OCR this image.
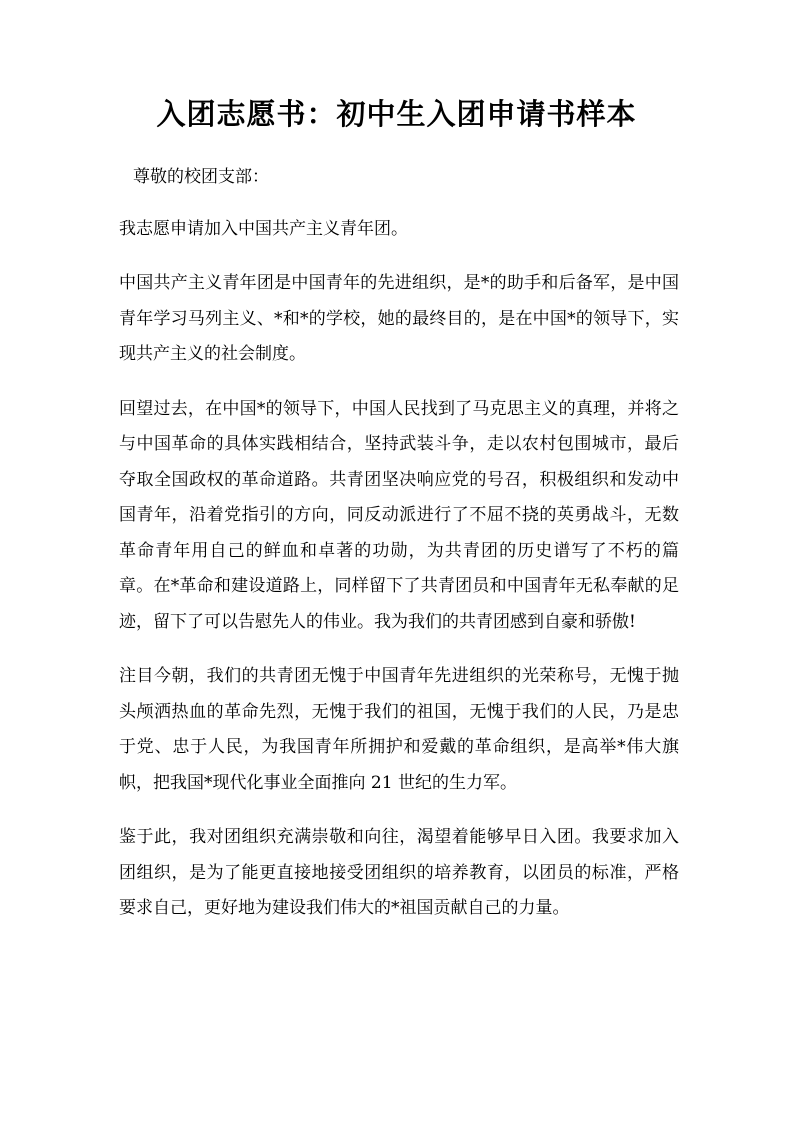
入团志愿书：初中生入团申请书样本

尊敬的校团支部：

我志愿申请加入中国共产主义青年团。

中国共产主义青年团是中国青年的先进组织，是*的助手和后备军，是中国青年学习马列主义、*和*的学校，她的最终目的，是在中国*的领导下，实现共产主义的社会制度。

回望过去，在中国*的领导下，中国人民找到了马克思主义的真理，并将之与中国革命的具体实践相结合，坚持武装斗争，走以农村包围城市，最后夺取全国政权的革命道路。共青团坚决响应党的号召，积极组织和发动中国青年，沿着党指引的方向，同反动派进行了不屈不挠的英勇战斗，无数革命青年用自己的鲜血和卓著的功勋，为共青团的历史谱写了不朽的篇章。在*革命和建设道路上，同样留下了共青团员和中国青年无私奉献的足迹，留下了可以告慰先人的伟业。我为我们的共青团感到自豪和骄傲!

注目今朝，我们的共青团无愧于中国青年先进组织的光荣称号，无愧于抛头颅洒热血的革命先烈，无愧于我们的祖国，无愧于我们的人民，乃是忠于党、忠于人民，为我国青年所拥护和爱戴的革命组织，是高举*伟大旗帜，把我国*现代化事业全面推向 21 世纪的生力军。

鉴于此，我对团组织充满崇敬和向往，渴望着能够早日入团。我要求加入团组织，是为了能更直接地接受团组织的培养教育，以团员的标准，严格要求自己，更好地为建设我们伟大的*祖国贡献自己的力量。
